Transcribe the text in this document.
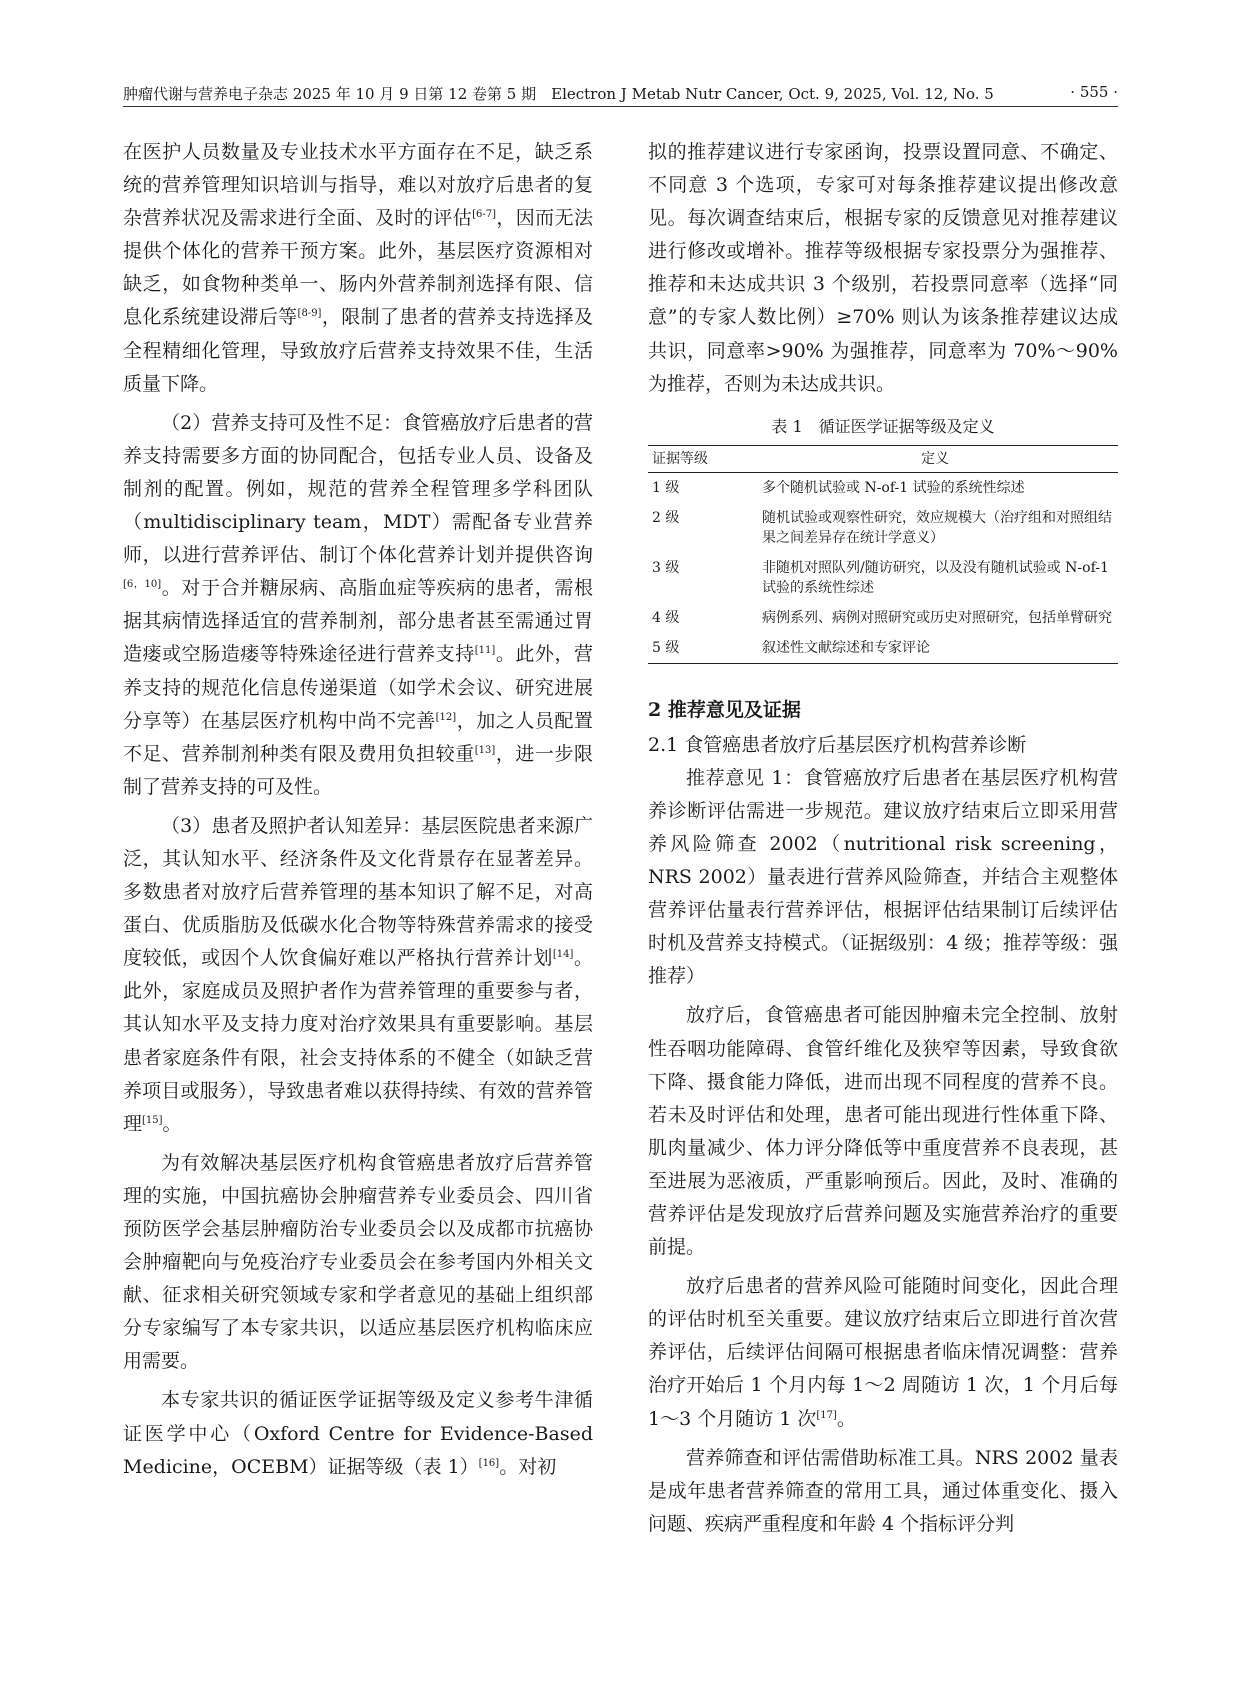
肿瘤代谢与营养电子杂志 2025 年 10 月 9 日第 12 卷第 5 期　Electron J Metab Nutr Cancer, Oct. 9, 2025, Vol. 12, No. 5	· 555 ·

在医护人员数量及专业技术水平方面存在不足，缺乏系统的营养管理知识培训与指导，难以对放疗后患者的复杂营养状况及需求进行全面、及时的评估[6-7]，因而无法提供个体化的营养干预方案。此外，基层医疗资源相对缺乏，如食物种类单一、肠内外营养制剂选择有限、信息化系统建设滞后等[8-9]，限制了患者的营养支持选择及全程精细化管理，导致放疗后营养支持效果不佳，生活质量下降。

（2）营养支持可及性不足：食管癌放疗后患者的营养支持需要多方面的协同配合，包括专业人员、设备及制剂的配置。例如，规范的营养全程管理多学科团队（multidisciplinary team，MDT）需配备专业营养师，以进行营养评估、制订个体化营养计划并提供咨询[6，10]。对于合并糖尿病、高脂血症等疾病的患者，需根据其病情选择适宜的营养制剂，部分患者甚至需通过胃造瘘或空肠造瘘等特殊途径进行营养支持[11]。此外，营养支持的规范化信息传递渠道（如学术会议、研究进展分享等）在基层医疗机构中尚不完善[12]，加之人员配置不足、营养制剂种类有限及费用负担较重[13]，进一步限制了营养支持的可及性。

（3）患者及照护者认知差异：基层医院患者来源广泛，其认知水平、经济条件及文化背景存在显著差异。多数患者对放疗后营养管理的基本知识了解不足，对高蛋白、优质脂肪及低碳水化合物等特殊营养需求的接受度较低，或因个人饮食偏好难以严格执行营养计划[14]。此外，家庭成员及照护者作为营养管理的重要参与者，其认知水平及支持力度对治疗效果具有重要影响。基层患者家庭条件有限，社会支持体系的不健全（如缺乏营养项目或服务），导致患者难以获得持续、有效的营养管理[15]。

为有效解决基层医疗机构食管癌患者放疗后营养管理的实施，中国抗癌协会肿瘤营养专业委员会、四川省预防医学会基层肿瘤防治专业委员会以及成都市抗癌协会肿瘤靶向与免疫治疗专业委员会在参考国内外相关文献、征求相关研究领域专家和学者意见的基础上组织部分专家编写了本专家共识，以适应基层医疗机构临床应用需要。

本专家共识的循证医学证据等级及定义参考牛津循证医学中心（Oxford Centre for Evidence-Based Medicine，OCEBM）证据等级（表 1）[16]。对初

拟的推荐建议进行专家函询，投票设置同意、不确定、不同意 3 个选项，专家可对每条推荐建议提出修改意见。每次调查结束后，根据专家的反馈意见对推荐建议进行修改或增补。推荐等级根据专家投票分为强推荐、推荐和未达成共识 3 个级别，若投票同意率（选择“同意”的专家人数比例）≥70% 则认为该条推荐建议达成共识，同意率>90% 为强推荐，同意率为 70%～90% 为推荐，否则为未达成共识。

表 1　循证医学证据等级及定义
证据等级	定义
1 级	多个随机试验或 N-of-1 试验的系统性综述
2 级	随机试验或观察性研究，效应规模大（治疗组和对照组结果之间差异存在统计学意义）
3 级	非随机对照队列/随访研究，以及没有随机试验或 N-of-1 试验的系统性综述
4 级	病例系列、病例对照研究或历史对照研究，包括单臂研究
5 级	叙述性文献综述和专家评论
2 推荐意见及证据
2.1 食管癌患者放疗后基层医疗机构营养诊断

推荐意见 1：食管癌放疗后患者在基层医疗机构营养诊断评估需进一步规范。建议放疗结束后立即采用营养风险筛查 2002（nutritional risk screening，NRS 2002）量表进行营养风险筛查，并结合主观整体营养评估量表行营养评估，根据评估结果制订后续评估时机及营养支持模式。（证据级别：4 级；推荐等级：强推荐）

放疗后，食管癌患者可能因肿瘤未完全控制、放射性吞咽功能障碍、食管纤维化及狭窄等因素，导致食欲下降、摄食能力降低，进而出现不同程度的营养不良。若未及时评估和处理，患者可能出现进行性体重下降、肌肉量减少、体力评分降低等中重度营养不良表现，甚至进展为恶液质，严重影响预后。因此，及时、准确的营养评估是发现放疗后营养问题及实施营养治疗的重要前提。

放疗后患者的营养风险可能随时间变化，因此合理的评估时机至关重要。建议放疗结束后立即进行首次营养评估，后续评估间隔可根据患者临床情况调整：营养治疗开始后 1 个月内每 1～2 周随访 1 次，1 个月后每 1～3 个月随访 1 次[17]。

营养筛查和评估需借助标准工具。NRS 2002 量表是成年患者营养筛查的常用工具，通过体重变化、摄入问题、疾病严重程度和年龄 4 个指标评分判
